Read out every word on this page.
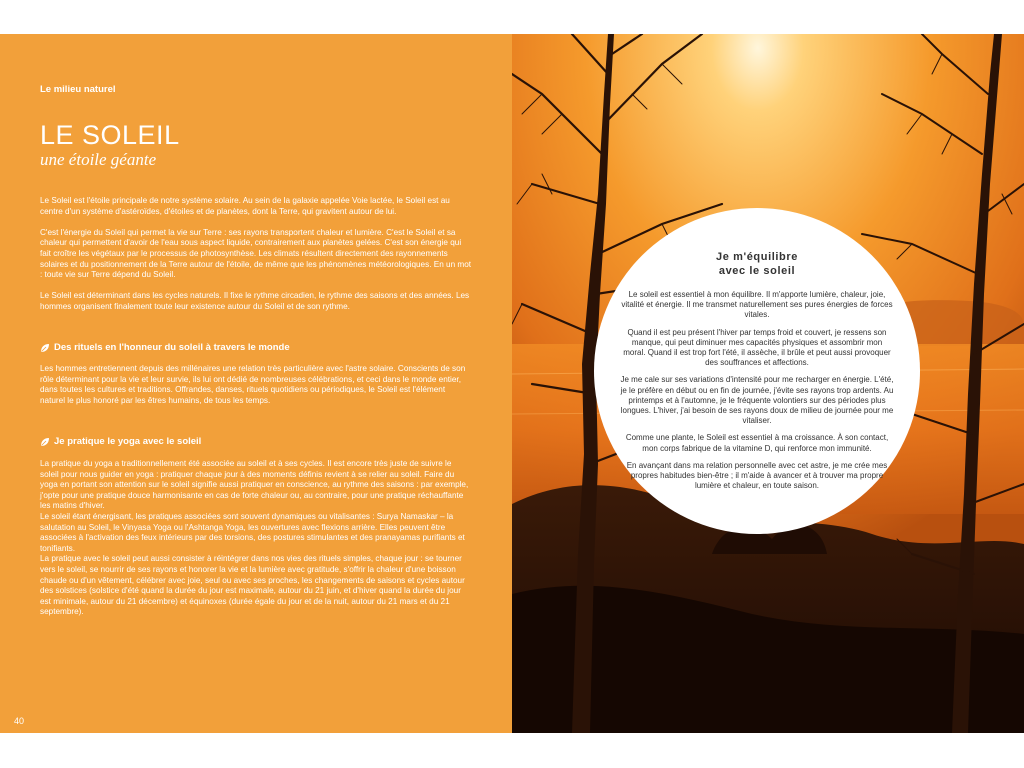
Le milieu naturel
LE SOLEIL
une étoile géante

Le Soleil est l'étoile principale de notre système solaire. Au sein de la galaxie appelée Voie lactée, le Soleil est au centre d'un système d'astéroïdes, d'étoiles et de planètes, dont la Terre, qui gravitent autour de lui.

C'est l'énergie du Soleil qui permet la vie sur Terre : ses rayons transportent chaleur et lumière. C'est le Soleil et sa chaleur qui permettent d'avoir de l'eau sous aspect liquide, contrairement aux planètes gelées. C'est son énergie qui fait croître les végétaux par le processus de photosynthèse. Les climats résultent directement des rayonnements solaires et du positionnement de la Terre autour de l'étoile, de même que les phénomènes météorologiques. En un mot : toute vie sur Terre dépend du Soleil.

Le Soleil est déterminant dans les cycles naturels. Il fixe le rythme circadien, le rythme des saisons et des années. Les hommes organisent finalement toute leur existence autour du Soleil et de son rythme.

Des rituels en l'honneur du soleil à travers le monde

Les hommes entretiennent depuis des millénaires une relation très particulière avec l'astre solaire. Conscients de son rôle déterminant pour la vie et leur survie, ils lui ont dédié de nombreuses célébrations, et ceci dans le monde entier, dans toutes les cultures et traditions. Offrandes, danses, rituels quotidiens ou périodiques, le Soleil est l'élément naturel le plus honoré par les êtres humains, de tous les temps.

Je pratique le yoga avec le soleil

La pratique du yoga a traditionnellement été associée au soleil et à ses cycles. Il est encore très juste de suivre le soleil pour nous guider en yoga : pratiquer chaque jour à des moments définis revient à se relier au soleil. Faire du yoga en portant son attention sur le soleil signifie aussi pratiquer en conscience, au rythme des saisons : par exemple, j'opte pour une pratique douce harmonisante en cas de forte chaleur ou, au contraire, pour une pratique réchauffante les matins d'hiver.

Le soleil étant énergisant, les pratiques associées sont souvent dynamiques ou vitalisantes : Surya Namaskar – la salutation au Soleil, le Vinyasa Yoga ou l'Ashtanga Yoga, les ouvertures avec flexions arrière. Elles peuvent être associées à l'activation des feux intérieurs par des torsions, des postures stimulantes et des pranayamas purifiants et tonifiants.

La pratique avec le soleil peut aussi consister à réintégrer dans nos vies des rituels simples, chaque jour : se tourner vers le soleil, se nourrir de ses rayons et honorer la vie et la lumière avec gratitude, s'offrir la chaleur d'une boisson chaude ou d'un vêtement, célébrer avec joie, seul ou avec ses proches, les changements de saisons et cycles autour des solstices (solstice d'été quand la durée du jour est maximale, autour du 21 juin, et d'hiver quand la durée du jour est minimale, autour du 21 décembre) et équinoxes (durée égale du jour et de la nuit, autour du 21 mars et du 21 septembre).

40
Je m'équilibre
avec le soleil

Le soleil est essentiel à mon équilibre. Il m'apporte lumière, chaleur, joie, vitalité et énergie. Il me transmet naturellement ses pures énergies de forces vitales.

Quand il est peu présent l'hiver par temps froid et couvert, je ressens son manque, qui peut diminuer mes capacités physiques et assombrir mon moral. Quand il est trop fort l'été, il assèche, il brûle et peut aussi provoquer des souffrances et affections.

Je me cale sur ses variations d'intensité pour me recharger en énergie. L'été, je le préfère en début ou en fin de journée, j'évite ses rayons trop ardents. Au printemps et à l'automne, je le fréquente volontiers sur des périodes plus longues. L'hiver, j'ai besoin de ses rayons doux de milieu de journée pour me vitaliser.

Comme une plante, le Soleil est essentiel à ma croissance. À son contact, mon corps fabrique de la vitamine D, qui renforce mon immunité.

En avançant dans ma relation personnelle avec cet astre, je me crée mes propres habitudes bien-être ; il m'aide à avancer et à trouver ma propre lumière et chaleur, en toute saison.
